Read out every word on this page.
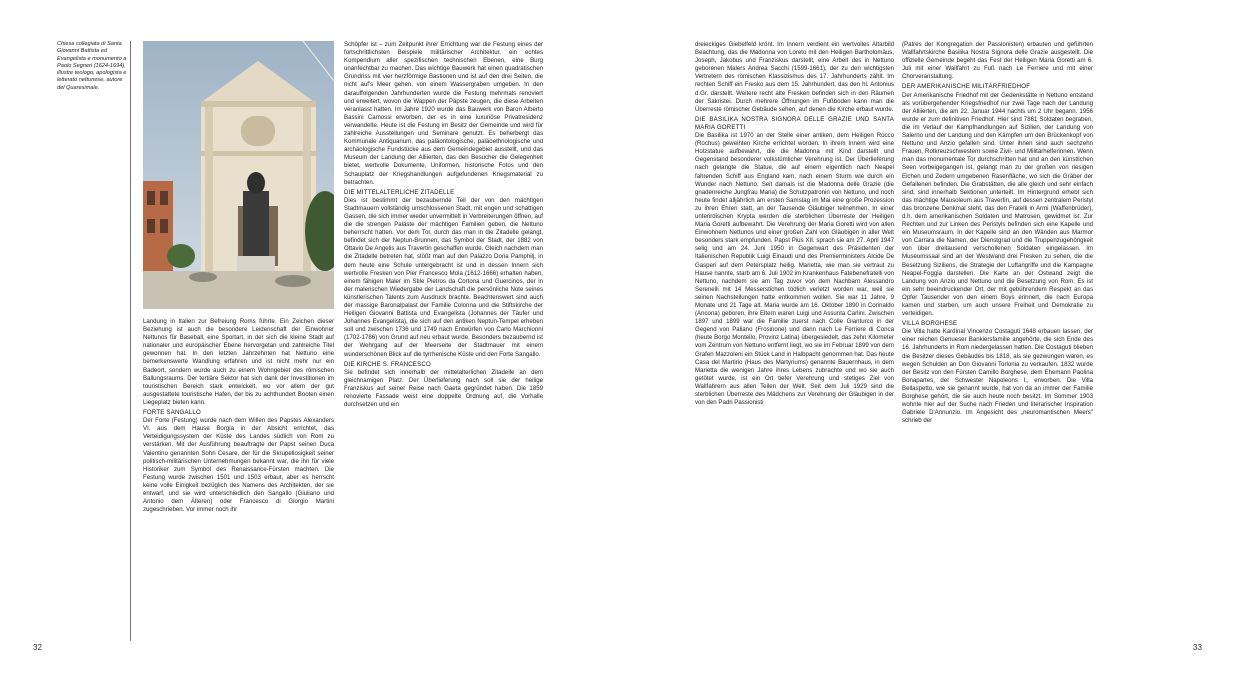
Chiesa collegiata di Santa Giovanni Battista ed Evangelista e monumento a Paolo Segneri (1624-1694), illustre teologo, apologista e letterato nettunese, autore del Quaresimale.

Landung in Italien zur Befreiung Roms führte. Ein Zeichen dieser Beziehung ist auch die besondere Leidenschaft der Einwohner Nettunos für Baseball, eine Sportart, in der sich die kleine Stadt auf nationaler und europäischer Ebene hervorgetan und zahlreiche Titel gewonnen hat. In den letzten Jahrzehnten hat Nettuno eine bemerkenswerte Wandlung erfahren und ist nicht mehr nur ein Badeort, sondern wurde auch zu einem Wohngebiet des römischen Ballungsraums. Der tertiäre Sektor hat sich dank der Investitionen im touristischen Bereich stark entwickelt, wo vor allem der gut ausgestattete touristische Hafen, der bis zu achthundert Booten einen Liegeplatz bieten kann.

FORTE SANGALLO

Der Forte (Festung) wurde nach dem Willen des Papstes Alexanders VI. aus dem Hause Borgia in der Absicht errichtet, das Verteidigungssystem der Küste des Landes südlich von Rom zu verstärken. Mit der Ausführung beauftragte der Papst seinen Duca Valentino genannten Sohn Cesare, der für die Skrupellosigkeit seiner politisch-militärischen Unternehmungen bekannt war, die ihn für viele Historiker zum Symbol des Renaissance-Fürsten machten. Die Festung wurde zwischen 1501 und 1503 erbaut, aber es herrscht keine volle Einigkeit bezüglich des Namens des Architekten, der sie entwarf, und sie wird unterschiedlich den Sangallo (Giuliano und Antonio dem Älteren) oder Francesco di Giorgio Martini zugeschrieben. Vor immer noch ihr

Schöpfer ist – zum Zeitpunkt ihrer Errichtung war die Festung eines der fortschrittlichsten Beispiele militärischer Architektur, ein echtes Kompendium aller spezifischen technischen Ebenen, eine Burg unanfechtbar zu machen. Das wichtige Bauwerk hat einen quadratischen Grundriss mit vier herzförmige Bastionen und ist auf den drei Seiten, die nicht auf's Meer gehen, von einem Wassergraben umgeben. In den darauffolgenden Jahrhunderten wurde die Festung mehrmals renoviert und erweitert, wovon die Wappen der Päpste zeugen, die diese Arbeiten veranlasst hatten. Im Jahre 1920 wurde das Bauwerk von Baron Alberto Bassini Camossi erworben, der es in eine luxuriöse Privatresidenz verwandelte. Heute ist die Festung im Besitz der Gemeinde und wird für zahlreiche Ausstellungen und Seminare genutzt. Es beherbergt das Kommunale Antiquarium, das paläontologische, paläoethnologische und archäologische Fundstücke aus dem Gemeindegebiet ausstellt, und das Museum der Landung der Alliierten, das den Besucher die Gelegenheit bietet, wertvolle Dokumente, Uniformen, historische Fotos und den Schauplatz der Kriegshandlungen aufgefundenen Kriegsmaterial zu betrachten.

DIE MITTELALTERLICHE ZITADELLE

Dies ist bestimmt der bezaubernde Teil der von den mächtigen Stadtmauern vollständig umschlossenen Stadt, mit engen und schattigen Gassen, die sich immer wieder unvermittelt in Verbreiterungen öffnen, auf die die strengen Paläste der mächtigen Familien geben, die Nettuno beherrscht hatten. Vor dem Tor, durch das man in die Zitadelle gelangt, befindet sich der Neptun-Brunnen, das Symbol der Stadt, der 1882 von Ottavio De Angelis aus Travertin geschaffen wurde. Gleich nachdem man die Zitadelle betreten hat, stößt man auf den Palazzo Doria Pamphilj, in dem heute eine Schule untergebracht ist und in dessen Innern sich wertvolle Fresken von Pier Francesco Mola (1612-1666) erhalten haben, einem fähigen Maler im Stile Pietros da Cortona und Guercinos, der in der malerischen Wiedergabe der Landschaft die persönliche Note seines künstlerischen Talents zum Ausdruck brachte. Beachtenswert sind auch der massige Baronalpalast der Familie Colonna und die Stiftskirche der Heiligen Giovanni Battista und Evangelista (Johannes der Täufer und Johannes Evangelista), die sich auf den antiken Neptun-Tempel erheben soll und zwischen 1736 und 1749 nach Entwürfen von Carlo Marchionni (1702-1786) von Grund auf neu erbaut wurde. Besonders bezaubernd ist der Wehrgang auf der Meerseite der Stadtmauer mit einem wunderschönen Blick auf die tyrrhenische Küste und den Forte Sangallo.

DIE KIRCHE S. FRANCESCO

Sie befindet sich innerhalb der mittelalterlichen Zitadelle an dem gleichnamigen Platz. Der Überlieferung nach soll sie der heilige Franziskus auf seiner Reise nach Gaeta gegründet haben. Die 1859 renovierte Fassade weist eine doppelte Ordnung auf, die Vorhalle durchsetzen und ein

dreieckiges Giebelfeld krönt. Im Innern verdient ein wertvolles Altarbild Beachtung, das die Madonna von Loreto mit den Heiligen Bartholomäus, Joseph, Jakobus und Franziskus darstellt, eine Arbeit des in Nettuno geborenen Malers Andrea Sacchi (1599-1661), der zu den wichtigsten Vertretern des römischen Klassizismus des 17. Jahrhunderts zählt. Im rechten Schiff ein Fresko aus dem 15. Jahrhundert, das den hl. Antonius d.Gr. darstellt. Weitere recht alte Fresken befinden sich in den Räumen der Sakristei. Durch mehrere Öffnungen im Fußboden kann man die Überreste römischer Gebäude sehen, auf denen die Kirche erbaut wurde.

DIE BASILIKA NOSTRA SIGNORA DELLE GRAZIE UND SANTA MARIA GORETTI

Die Basilika ist 1970 an der Stelle einer antiken, dem Heiligen Rocco (Rochus) geweihten Kirche errichtet worden. In ihrem Innern wird eine Holzstatue aufbewahrt, die die Madonna mit Kind darstellt und Gegenstand besonderer volkstümlicher Verehrung ist. Der Überlieferung nach gelangte die Statue, die auf einem eigentlich nach Neapel fahrenden Schiff aus England kam, nach einem Sturm wie durch ein Wunder nach Nettuno. Seit damals ist die Madonna delle Grazie (die gnadenreiche Jungfrau Maria) die Schutzpatronin von Nettuno, und noch heute findet alljährlich am ersten Samstag im Mai eine große Prozession zu ihren Ehren statt, an der Tausende Gläubiger teilnehmen. In einer unterirdischen Krypta werden die sterblichen Überreste der Heiligen Maria Goretti aufbewahrt. Die Verehrung der Maria Goretti wird von allen Einwohnern Nettunos und einer großen Zahl von Gläubigen in aller Welt besonders stark empfunden. Papst Pius XII. sprach sie am 27. April 1947 selig und am 24. Juni 1950 in Gegenwart des Präsidenten der Italienischen Republik Luigi Einaudi und des Premierministers Alcide De Gasperi auf dem Petersplatz heilig. Marietta, wie man sie vertraut zu Hause nannte, starb am 6. Juli 1902 im Krankenhaus Fatebenefratelli von Nettuno, nachdem sie am Tag zuvor von dem Nachbarn Alessandro Serenelli mit 14 Messerstichen tödlich verletzt worden war, weil sie seinen Nachstellungen hatte entkommen wollen. Sie war 11 Jahre, 9 Monate und 21 Tage alt. Maria wurde am 16. Oktober 1890 in Corinaldo (Ancona) geboren, ihre Eltern waren Luigi und Assunta Carlini. Zwischen 1897 und 1899 war die Familie zuerst nach Colle Gianturco in der Gegend von Paliano (Frosinone) und dann nach Le Ferriere di Conca (heute Borgo Montello, Provinz Latina) übergesiedelt, das zehn Kilometer vom Zentrum von Nettuno entfernt liegt, wo sie im Februar 1899 von dem Grafen Mazzoleni ein Stück Land in Halbpacht genommen hat. Das heute Casa del Martirio (Haus des Martyriums) genannte Bauernhaus, in dem Marietta die wenigen Jahre ihres Lebens zubrachte und wo sie auch getötet wurde, ist ein Ort tiefer Verehrung und stetiges Ziel von Wallfahrern aus allen Teilen der Welt. Seit dem Juli 1929 sind die sterblichen Überreste des Mädchens zur Verehrung der Gläubigen in der von den Padri Passionisti

(Patres der Kongregation der Passionisten) erbauten und geführten Wallfahrtskirche Basilika Nostra Signora delle Grazie ausgestellt. Die offizielle Gemeinde begeht das Fest der Heiligen Maria Goretti am 6. Juli mit einer Wallfahrt zu Fuß nach Le Ferriere und mit einer Chorveranstaltung.

DER AMERIKANISCHE MILITÄRFRIEDHOF

Der Amerikanische Friedhof mit der Gedenkstätte in Nettuno entstand als vorübergehender Kriegsfriedhof nur zwei Tage nach der Landung der Alliierten, die am 22. Januar 1944 nachts um 2 Uhr begann. 1956 wurde er zum definitiven Friedhof. Hier sind 7861 Soldaten begraben, die im Verlauf der Kampfhandlungen auf Sizilien, der Landung von Salerno und der Landung und den Kämpfen um den Brückenkopf von Nettuno und Anzio gefallen sind. Unter ihnen sind auch sechzehn Frauen, Rotkreuzschwestern sowie Zivil- und Militärhelferinnen. Wenn man das monumentale Tor durchschritten hat und an den künstlichen Seen vorbeigegangen ist, gelangt man zu der großen von riesigen Eichen und Zedern umgebenen Rasenfläche, wo sich die Gräber der Gefallenen befinden. Die Grabstätten, die alle gleich und sehr einfach sind, sind innerhalb Sektionen unterteilt. Im Hintergrund erhebt sich das mächtige Mausoleum aus Travertin, auf dessen zentralem Peristyl das bronzene Denkmal steht, das den Fratelli in Armi (Waffenbrüder), d.h. dem amerikanischen Soldaten und Matrosen, gewidmet ist. Zur Rechten und zur Linken des Peristyls befinden sich eine Kapelle und ein Museumsraum. In der Kapelle sind an den Wänden aus Marmor von Carrara die Namen, der Dienstgrad und die Truppenzugehörigkeit von über dreitausend verschollenen Soldaten eingelassen. Im Museumssaal sind an der Westwand drei Fresken zu sehen, die die Besetzung Siziliens, die Strategie der Luftangriffe und die Kampagne Neapel-Foggia darstellen. Die Karte an der Ostwand zeigt die Landung von Anzio und Nettuno und die Besetzung von Rom. Es ist ein sehr beeindruckender Ort, der mit gebührendem Respekt an das Opfer Tausender von den einem Boys erinnert, die nach Europa kamen und starben, um auch unsere Freiheit und Demokratie zu verteidigen.

VILLA BORGHESE

Die Villa hatte Kardinal Vincenzo Costaguti 1648 erbauen lassen, der einer reichen Genueser Bankiersfamilie angehörte, die sich Ende des 16. Jahrhunderts in Rom niedergelassen hatten. Die Costaguti blieben die Besitzer dieses Gebäudes bis 1818, als sie gezwungen waren, es wegen Schulden an Don Giovanni Torlonia zu verkaufen. 1832 wurde der Besitz von den Fürsten Camillo Borghese, dem Ehemann Paolina Bonapartes, der Schwester Napoleons I., erworben. Die Villa Bellaspetto, wie sie genannt wurde, hat von da an immer der Familie Borghese gehört, die sie auch heute noch besitzt. Im Sommer 1903 wohnte hier auf der Suche nach Frieden und literarischer Inspiration Gabriele D'Annunzio. Im Angesicht des „neuromantischen Meers" schrieb der

32	33
